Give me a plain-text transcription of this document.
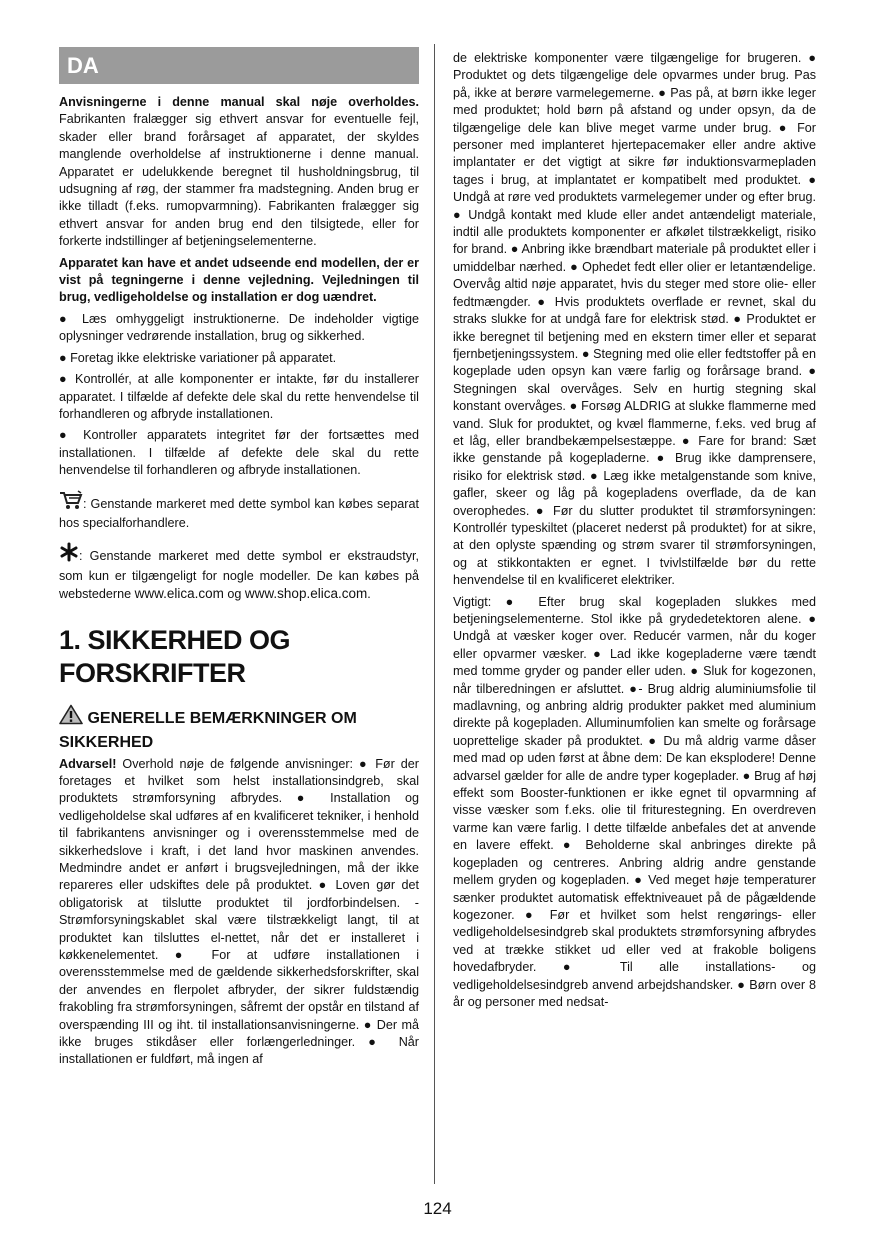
DA

Anvisningerne i denne manual skal nøje overholdes. Fabrikanten fralægger sig ethvert ansvar for eventuelle fejl, skader eller brand forårsaget af apparatet, der skyldes manglende overholdelse af instruktionerne i denne manual. Apparatet er udelukkende beregnet til husholdningsbrug, til udsugning af røg, der stammer fra madstegning. Anden brug er ikke tilladt (f.eks. rumopvarmning). Fabrikanten fralægger sig ethvert ansvar for anden brug end den tilsigtede, eller for forkerte indstillinger af betjeningselementerne.

Apparatet kan have et andet udseende end modellen, der er vist på tegningerne i denne vejledning. Vejledningen til brug, vedligeholdelse og installation er dog uændret.

● Læs omhyggeligt instruktionerne. De indeholder vigtige oplysninger vedrørende installation, brug og sikkerhed.

● Foretag ikke elektriske variationer på apparatet.

● Kontrollér, at alle komponenter er intakte, før du installerer apparatet. I tilfælde af defekte dele skal du rette henvendelse til forhandleren og afbryde installationen.

● Kontroller apparatets integritet før der fortsættes med installationen. I tilfælde af defekte dele skal du rette henvendelse til forhandleren og afbryde installationen.

: Genstande markeret med dette symbol kan købes separat hos specialforhandlere.

: Genstande markeret med dette symbol er ekstraudstyr, som kun er tilgængeligt for nogle modeller. De kan købes på webstederne www.elica.com og www.shop.elica.com.

1. SIKKERHED OG FORSKRIFTER
GENERELLE BEMÆRKNINGER OM SIKKERHED

Advarsel! Overhold nøje de følgende anvisninger: ● Før der foretages et hvilket som helst installationsindgreb, skal produktets strømforsyning afbrydes. ● Installation og vedligeholdelse skal udføres af en kvalificeret tekniker, i henhold til fabrikantens anvisninger og i overensstemmelse med de sikkerhedslove i kraft, i det land hvor maskinen anvendes. Medmindre andet er anført i brugsvejledningen, må der ikke repareres eller udskiftes dele på produktet. ● Loven gør det obligatorisk at tilslutte produktet til jordforbindelsen. - Strømforsyningskablet skal være tilstrækkeligt langt, til at produktet kan tilsluttes el-nettet, når det er installeret i køkkenelementet. ● For at udføre installationen i overensstemmelse med de gældende sikkerhedsforskrifter, skal der anvendes en flerpolet afbryder, der sikrer fuldstændig frakobling fra strømforsyningen, såfremt der opstår en tilstand af overspænding III og iht. til installationsanvisningerne. ● Der må ikke bruges stikdåser eller forlængerledninger. ● Når installationen er fuldført, må ingen af

de elektriske komponenter være tilgængelige for brugeren. ● Produktet og dets tilgængelige dele opvarmes under brug. Pas på, ikke at berøre varmelegemerne. ● Pas på, at børn ikke leger med produktet; hold børn på afstand og under opsyn, da de tilgængelige dele kan blive meget varme under brug. ● For personer med implanteret hjertepacemaker eller andre aktive implantater er det vigtigt at sikre før induktionsvarmepladen tages i brug, at implantatet er kompatibelt med produktet. ● Undgå at røre ved produktets varmelegemer under og efter brug. ● Undgå kontakt med klude eller andet antændeligt materiale, indtil alle produktets komponenter er afkølet tilstrækkeligt, risiko for brand. ● Anbring ikke brændbart materiale på produktet eller i umiddelbar nærhed. ● Ophedet fedt eller olier er letantændelige. Overvåg altid nøje apparatet, hvis du steger med store olie- eller fedtmængder. ● Hvis produktets overflade er revnet, skal du straks slukke for at undgå fare for elektrisk stød. ● Produktet er ikke beregnet til betjening med en ekstern timer eller et separat fjernbetjeningssystem. ● Stegning med olie eller fedtstoffer på en kogeplade uden opsyn kan være farlig og forårsage brand. ● Stegningen skal overvåges. Selv en hurtig stegning skal konstant overvåges. ● Forsøg ALDRIG at slukke flammerne med vand. Sluk for produktet, og kvæl flammerne, f.eks. ved brug af et låg, eller brandbekæmpelsestæppe. ● Fare for brand: Sæt ikke genstande på kogepladerne. ● Brug ikke damprensere, risiko for elektrisk stød. ● Læg ikke metalgenstande som knive, gafler, skeer og låg på kogepladens overflade, da de kan overophedes. ● Før du slutter produktet til strømforsyningen: Kontrollér typeskiltet (placeret nederst på produktet) for at sikre, at den oplyste spænding og strøm svarer til strømforsyningen, og at stikkontakten er egnet. I tvivlstilfælde bør du rette henvendelse til en kvalificeret elektriker.

Vigtigt: ● Efter brug skal kogepladen slukkes med betjeningselementerne. Stol ikke på grydedetektoren alene. ● Undgå at væsker koger over. Reducér varmen, når du koger eller opvarmer væsker. ● Lad ikke kogepladerne være tændt med tomme gryder og pander eller uden. ● Sluk for kogezonen, når tilberedningen er afsluttet. ●- Brug aldrig aluminiumsfolie til madlavning, og anbring aldrig produkter pakket med aluminium direkte på kogepladen. Alluminumfolien kan smelte og forårsage uoprettelige skader på produktet. ● Du må aldrig varme dåser med mad op uden først at åbne dem: De kan eksplodere! Denne advarsel gælder for alle de andre typer kogeplader. ● Brug af høj effekt som Booster-funktionen er ikke egnet til opvarmning af visse væsker som f.eks. olie til friturestegning. En overdreven varme kan være farlig. I dette tilfælde anbefales det at anvende en lavere effekt. ● Beholderne skal anbringes direkte på kogepladen og centreres. Anbring aldrig andre genstande mellem gryden og kogepladen. ● Ved meget høje temperaturer sænker produktet automatisk effektniveauet på de pågældende kogezoner. ● Før et hvilket som helst rengørings- eller vedligeholdelsesindgreb skal produktets strømforsyning afbrydes ved at trække stikket ud eller ved at frakoble boligens hovedafbryder. ● Til alle installations- og vedligeholdelsesindgreb anvend arbejdshandsker. ● Børn over 8 år og personer med nedsat-

124
